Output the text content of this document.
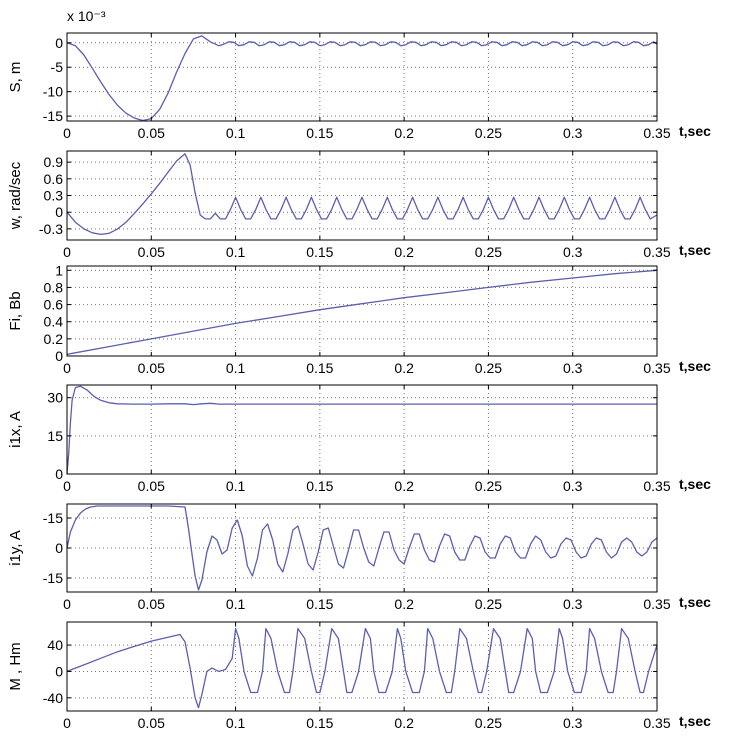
0	0.05	0.1	0.15	0.2	0.25	0.3	0.35
0
-5
-10
-15
t,sec
S, m
x 10⁻³
0	0.05	0.1	0.15	0.2	0.25	0.3	0.35
0.9
0.6
0.3
0
-0.3
t,sec
w, rad/sec
0	0.05	0.1	0.15	0.2	0.25	0.3	0.35
1
0.8
0.6
0.4
0.2
0
t,sec
Fi, Bb
0	0.05	0.1	0.15	0.2	0.25	0.3	0.35
30
15
0
t,sec
i1x, A
0	0.05	0.1	0.15	0.2	0.25	0.3	0.35
-15
0
-15
t,sec
i1y, A
0	0.05	0.1	0.15	0.2	0.25	0.3	0.35
40
0
-40
t,sec
M , Hm
